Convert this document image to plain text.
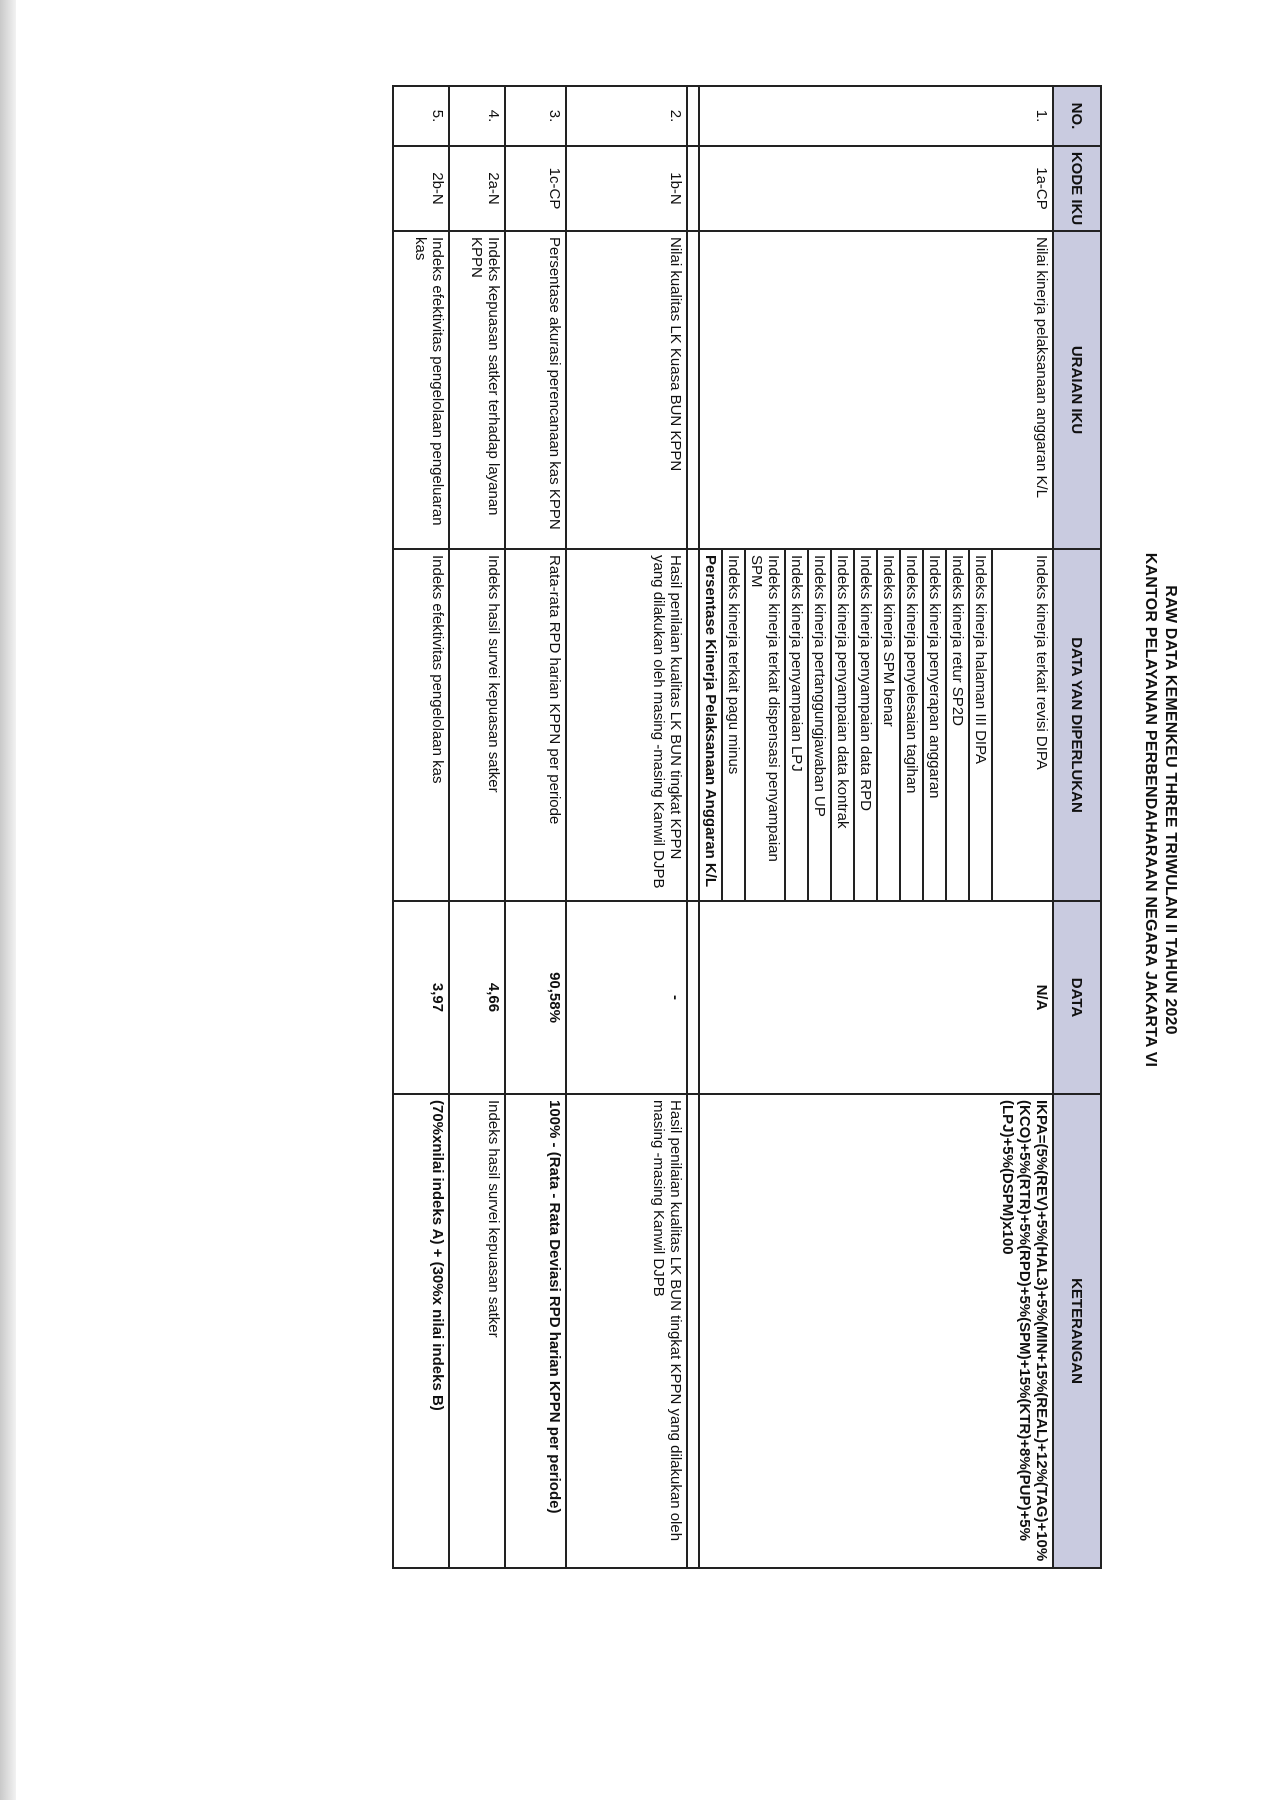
RAW DATA KEMENKEU THREE TRIWULAN II TAHUN 2020
KANTOR PELAYANAN PERBENDAHARAAN NEGARA JAKARTA VI
NO.	KODE IKU	URAIAN IKU	DATA YAN DIPERLUKAN	DATA	KETERANGAN
1.	1a-CP	Nilai kinerja pelaksanaan anggaran K/L	Indeks kinerja terkait revisi DIPA	N/A	IKPA=(5%(REV)+5%(HAL3)+5%(MIN+15%(REAL)+12%(TAG)+10%(KCO)+5%(RTR)+5%(RPD)+5%(SPM)+15%(KTR)+8%(PUP)+5%(LPJ)+5%(DSPM)x100
			Indeks kinerja halaman III DIPA		
			Indeks kinerja retur SP2D		
			Indeks kinerja penyerapan anggaran		
			Indeks kinerja penyelesaian tagihan		
			Indeks kinerja SPM benar		
			Indeks kinerja penyampaian data RPD		
			Indeks kinerja penyampaian data kontrak		
			Indeks kinerja pertanggungjawaban UP		
			Indeks kinerja penyampaian LPJ		
			Indeks kinerja terkait dispensasi penyampaian SPM		
			Indeks kinerja terkait pagu minus		
			Persentase Kinerja Pelaksanaan Anggaran K/L		

2.	1b-N	Nilai kualitas LK Kuasa BUN KPPN	Hasil penilaian kualitas LK BUN tingkat KPPN yang dilakukan oleh masing -masing Kanwil DJPB	-	Hasil penilaian kualitas LK BUN tingkat KPPN yang dilakukan oleh masing -masing Kanwil DJPB
3.	1c-CP	Persentase akurasi perencanaan kas KPPN	Rata-rata RPD harian KPPN per periode	90,58%	100% - (Rata - Rata Deviasi RPD harian KPPN per periode)
4.	2a-N	Indeks kepuasan satker terhadap layanan KPPN	Indeks hasil survei kepuasan satker	4,66	Indeks hasil survei kepuasan satker
5.	2b-N	Indeks efektivitas pengelolaan pengeluaran kas	Indeks efektivitas pengelolaan kas	3,97	(70%xnilai indeks A) + (30%x nilai indeks B)
